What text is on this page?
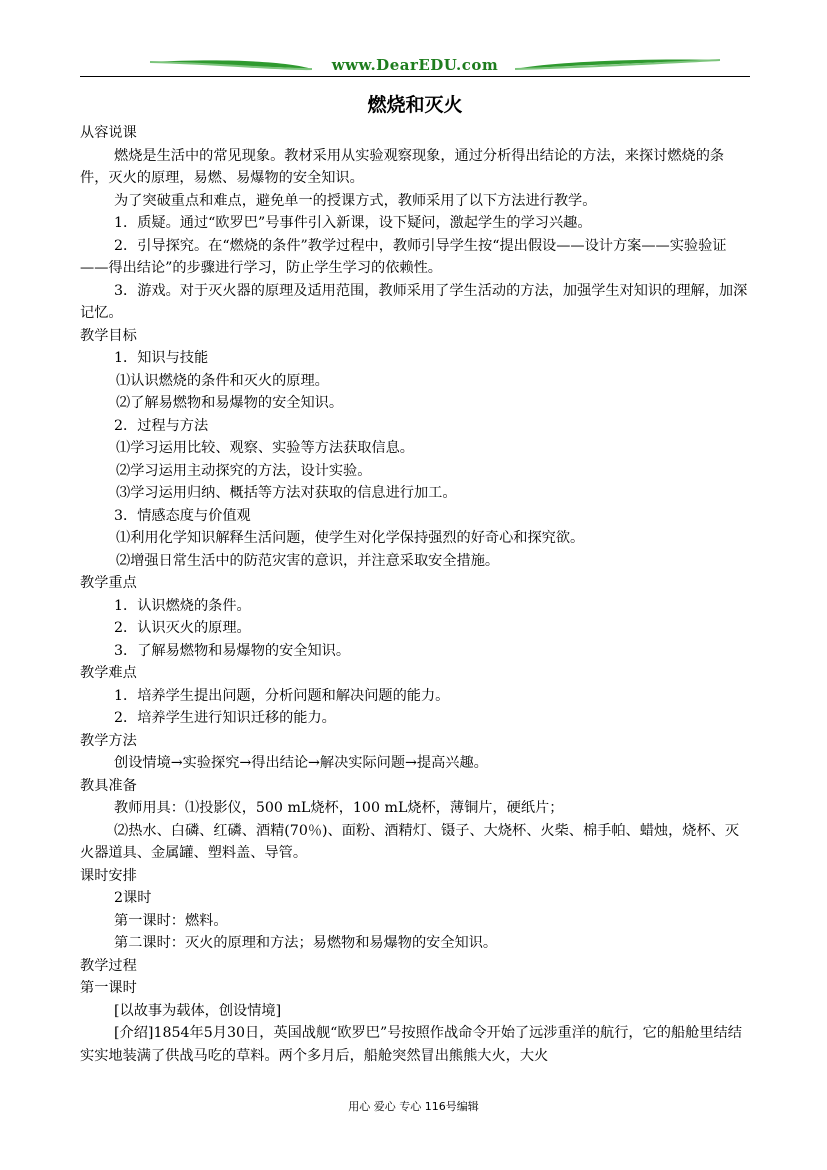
www.DearEDU.com
燃烧和灭火

从容说课

燃烧是生活中的常见现象。教材采用从实验观察现象，通过分析得出结论的方法，来探讨燃烧的条件，灭火的原理，易燃、易爆物的安全知识。

为了突破重点和难点，避免单一的授课方式，教师采用了以下方法进行教学。

1．质疑。通过“欧罗巴”号事件引入新课，设下疑问，激起学生的学习兴趣。

2．引导探究。在“燃烧的条件”教学过程中，教师引导学生按“提出假设——设计方案——实验验证——得出结论”的步骤进行学习，防止学生学习的依赖性。

3．游戏。对于灭火器的原理及适用范围，教师采用了学生活动的方法，加强学生对知识的理解，加深记忆。

教学目标

1．知识与技能

⑴认识燃烧的条件和灭火的原理。

⑵了解易燃物和易爆物的安全知识。

2．过程与方法

⑴学习运用比较、观察、实验等方法获取信息。

⑵学习运用主动探究的方法，设计实验。

⑶学习运用归纳、概括等方法对获取的信息进行加工。

3．情感态度与价值观

⑴利用化学知识解释生活问题，使学生对化学保持强烈的好奇心和探究欲。

⑵增强日常生活中的防范灾害的意识，并注意采取安全措施。

教学重点

1．认识燃烧的条件。

2．认识灭火的原理。

3．了解易燃物和易爆物的安全知识。

教学难点

1．培养学生提出问题，分析问题和解决问题的能力。

2．培养学生进行知识迁移的能力。

教学方法

创设情境→实验探究→得出结论→解决实际问题→提高兴趣。

教具准备

教师用具：⑴投影仪，500 mL烧杯，100 mL烧杯，薄铜片，硬纸片；

⑵热水、白磷、红磷、酒精(70％)、面粉、酒精灯、镊子、大烧杯、火柴、棉手帕、蜡烛，烧杯、灭火器道具、金属罐、塑料盖、导管。

课时安排

2课时

第一课时：燃料。

第二课时：灭火的原理和方法；易燃物和易爆物的安全知识。

教学过程

第一课时

[以故事为载体，创设情境]

[介绍]1854年5月30日，英国战舰“欧罗巴”号按照作战命令开始了远涉重洋的航行，它的船舱里结结实实地装满了供战马吃的草料。两个多月后，船舱突然冒出熊熊大火，大火

用心 爱心 专心 116号编辑
